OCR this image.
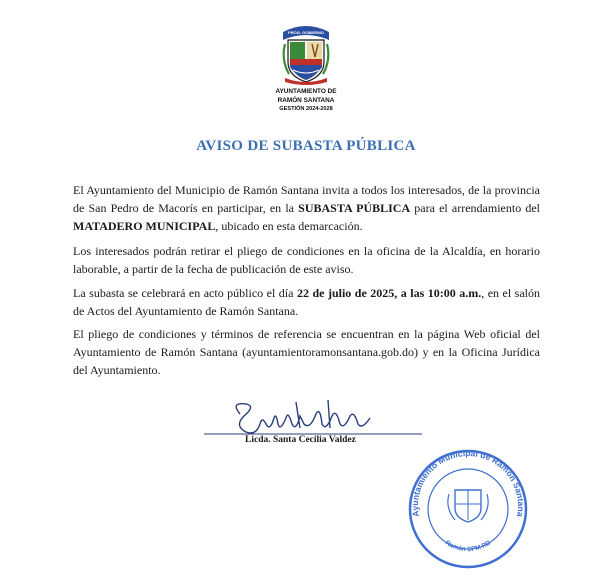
PROG. GOBIERNO
AYUNTAMIENTO DE
RAMÓN SANTANA
GESTIÓN 2024-2028
AVISO DE SUBASTA PÚBLICA

El Ayuntamiento del Municipio de Ramón Santana invita a todos los interesados, de la provincia de San Pedro de Macorís en participar, en la SUBASTA PÚBLICA para el arrendamiento del MATADERO MUNICIPAL, ubicado en esta demarcación.

Los interesados podrán retirar el pliego de condiciones en la oficina de la Alcaldía, en horario laborable, a partir de la fecha de publicación de este aviso.

La subasta se celebrará en acto público el día 22 de julio de 2025, a las 10:00 a.m., en el salón de Actos del Ayuntamiento de Ramón Santana.

El pliego de condiciones y términos de referencia se encuentran en la página Web oficial del Ayuntamiento de Ramón Santana (ayuntamientoramonsantana.gob.do) y en la Oficina Jurídica del Ayuntamiento.

Licda. Santa Cecilia Valdez
Ayuntamiento Municipal de Ramón Santana
Ramón SPM RD
